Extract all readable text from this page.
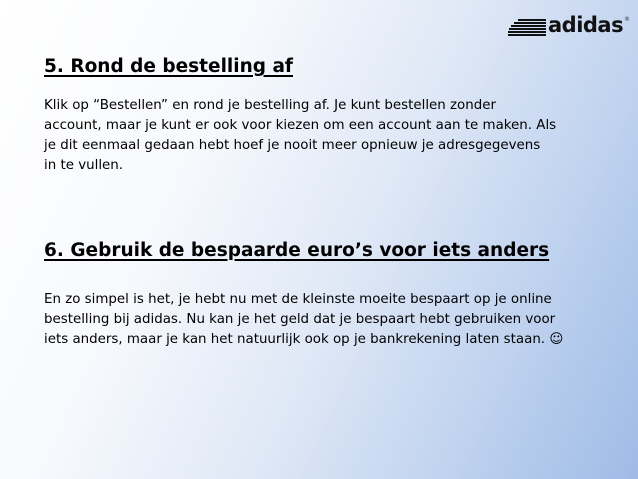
adidas ®
5. Rond de bestelling af

Klik op “Bestellen” en rond je bestelling af. Je kunt bestellen zonder
account, maar je kunt er ook voor kiezen om een account aan te maken. Als
je dit eenmaal gedaan hebt hoef je nooit meer opnieuw je adresgegevens
in te vullen.

6. Gebruik de bespaarde euro’s voor iets anders

En zo simpel is het, je hebt nu met de kleinste moeite bespaart op je online
bestelling bij adidas. Nu kan je het geld dat je bespaart hebt gebruiken voor
iets anders, maar je kan het natuurlijk ook op je bankrekening laten staan. ☺
